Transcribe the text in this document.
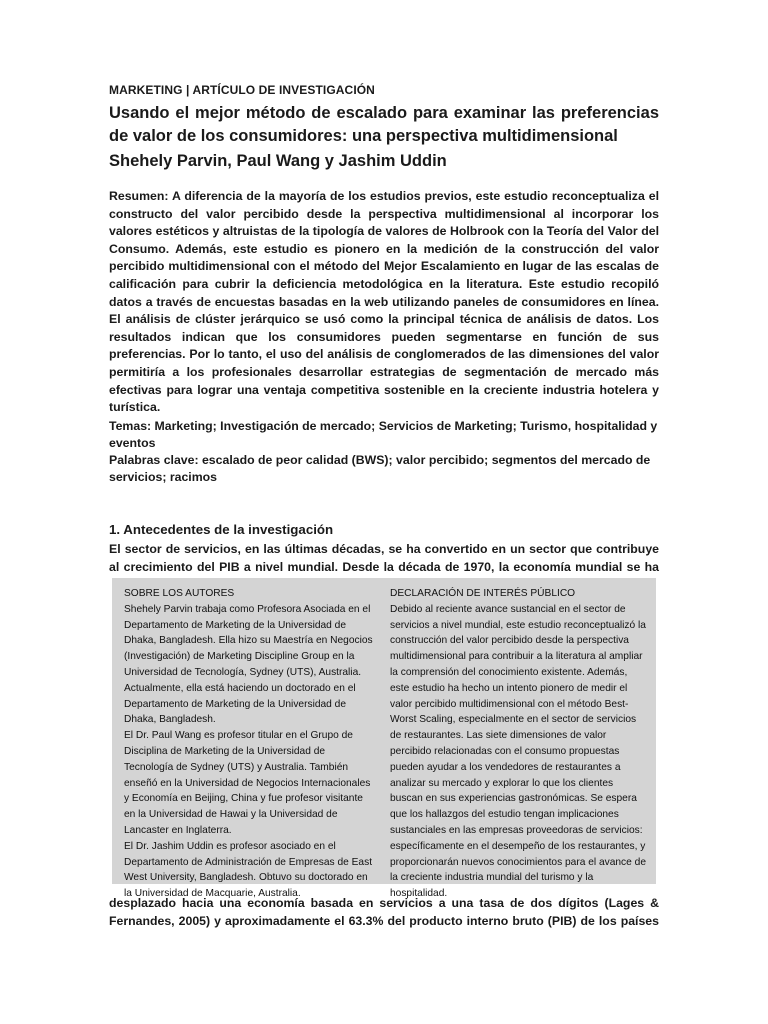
MARKETING | ARTÍCULO DE INVESTIGACIÓN
Usando el mejor método de escalado para examinar las preferencias de valor de los consumidores: una perspectiva multidimensional
Shehely Parvin, Paul Wang y Jashim Uddin
Resumen: A diferencia de la mayoría de los estudios previos, este estudio reconceptualiza el constructo del valor percibido desde la perspectiva multidimensional al incorporar los valores estéticos y altruistas de la tipología de valores de Holbrook con la Teoría del Valor del Consumo. Además, este estudio es pionero en la medición de la construcción del valor percibido multidimensional con el método del Mejor Escalamiento en lugar de las escalas de calificación para cubrir la deficiencia metodológica en la literatura. Este estudio recopiló datos a través de encuestas basadas en la web utilizando paneles de consumidores en línea. El análisis de clúster jerárquico se usó como la principal técnica de análisis de datos. Los resultados indican que los consumidores pueden segmentarse en función de sus preferencias. Por lo tanto, el uso del análisis de conglomerados de las dimensiones del valor permitiría a los profesionales desarrollar estrategias de segmentación de mercado más efectivas para lograr una ventaja competitiva sostenible en la creciente industria hotelera y turística.

Temas: Marketing; Investigación de mercado; Servicios de Marketing; Turismo, hospitalidad y eventos

Palabras clave: escalado de peor calidad (BWS); valor percibido; segmentos del mercado de servicios; racimos

1. Antecedentes de la investigación
El sector de servicios, en las últimas décadas, se ha convertido en un sector que contribuye al crecimiento del PIB a nivel mundial. Desde la década de 1970, la economía mundial se ha
SOBRE LOS AUTORES
Shehely Parvin trabaja como Profesora Asociada en el Departamento de Marketing de la Universidad de Dhaka, Bangladesh. Ella hizo su Maestría en Negocios (Investigación) de Marketing Discipline Group en la Universidad de Tecnología, Sydney (UTS), Australia. Actualmente, ella está haciendo un doctorado en el Departamento de Marketing de la Universidad de Dhaka, Bangladesh.
El Dr. Paul Wang es profesor titular en el Grupo de Disciplina de Marketing de la Universidad de Tecnología de Sydney (UTS) y Australia. También enseñó en la Universidad de Negocios Internacionales y Economía en Beijing, China y fue profesor visitante en la Universidad de Hawai y la Universidad de Lancaster en Inglaterra.
El Dr. Jashim Uddin es profesor asociado en el Departamento de Administración de Empresas de East West University, Bangladesh. Obtuvo su doctorado en la Universidad de Macquarie, Australia.
DECLARACIÓN DE INTERÉS PÚBLICO
Debido al reciente avance sustancial en el sector de servicios a nivel mundial, este estudio reconceptualizó la construcción del valor percibido desde la perspectiva multidimensional para contribuir a la literatura al ampliar la comprensión del conocimiento existente. Además, este estudio ha hecho un intento pionero de medir el valor percibido multidimensional con el método Best-Worst Scaling, especialmente en el sector de servicios de restaurantes. Las siete dimensiones de valor percibido relacionadas con el consumo propuestas pueden ayudar a los vendedores de restaurantes a analizar su mercado y explorar lo que los clientes buscan en sus experiencias gastronómicas. Se espera que los hallazgos del estudio tengan implicaciones sustanciales en las empresas proveedoras de servicios: específicamente en el desempeño de los restaurantes, y proporcionarán nuevos conocimientos para el avance de la creciente industria mundial del turismo y la hospitalidad.
desplazado hacia una economía basada en servicios a una tasa de dos dígitos (Lages & Fernandes, 2005) y aproximadamente el 63.3% del producto interno bruto (PIB) de los países
